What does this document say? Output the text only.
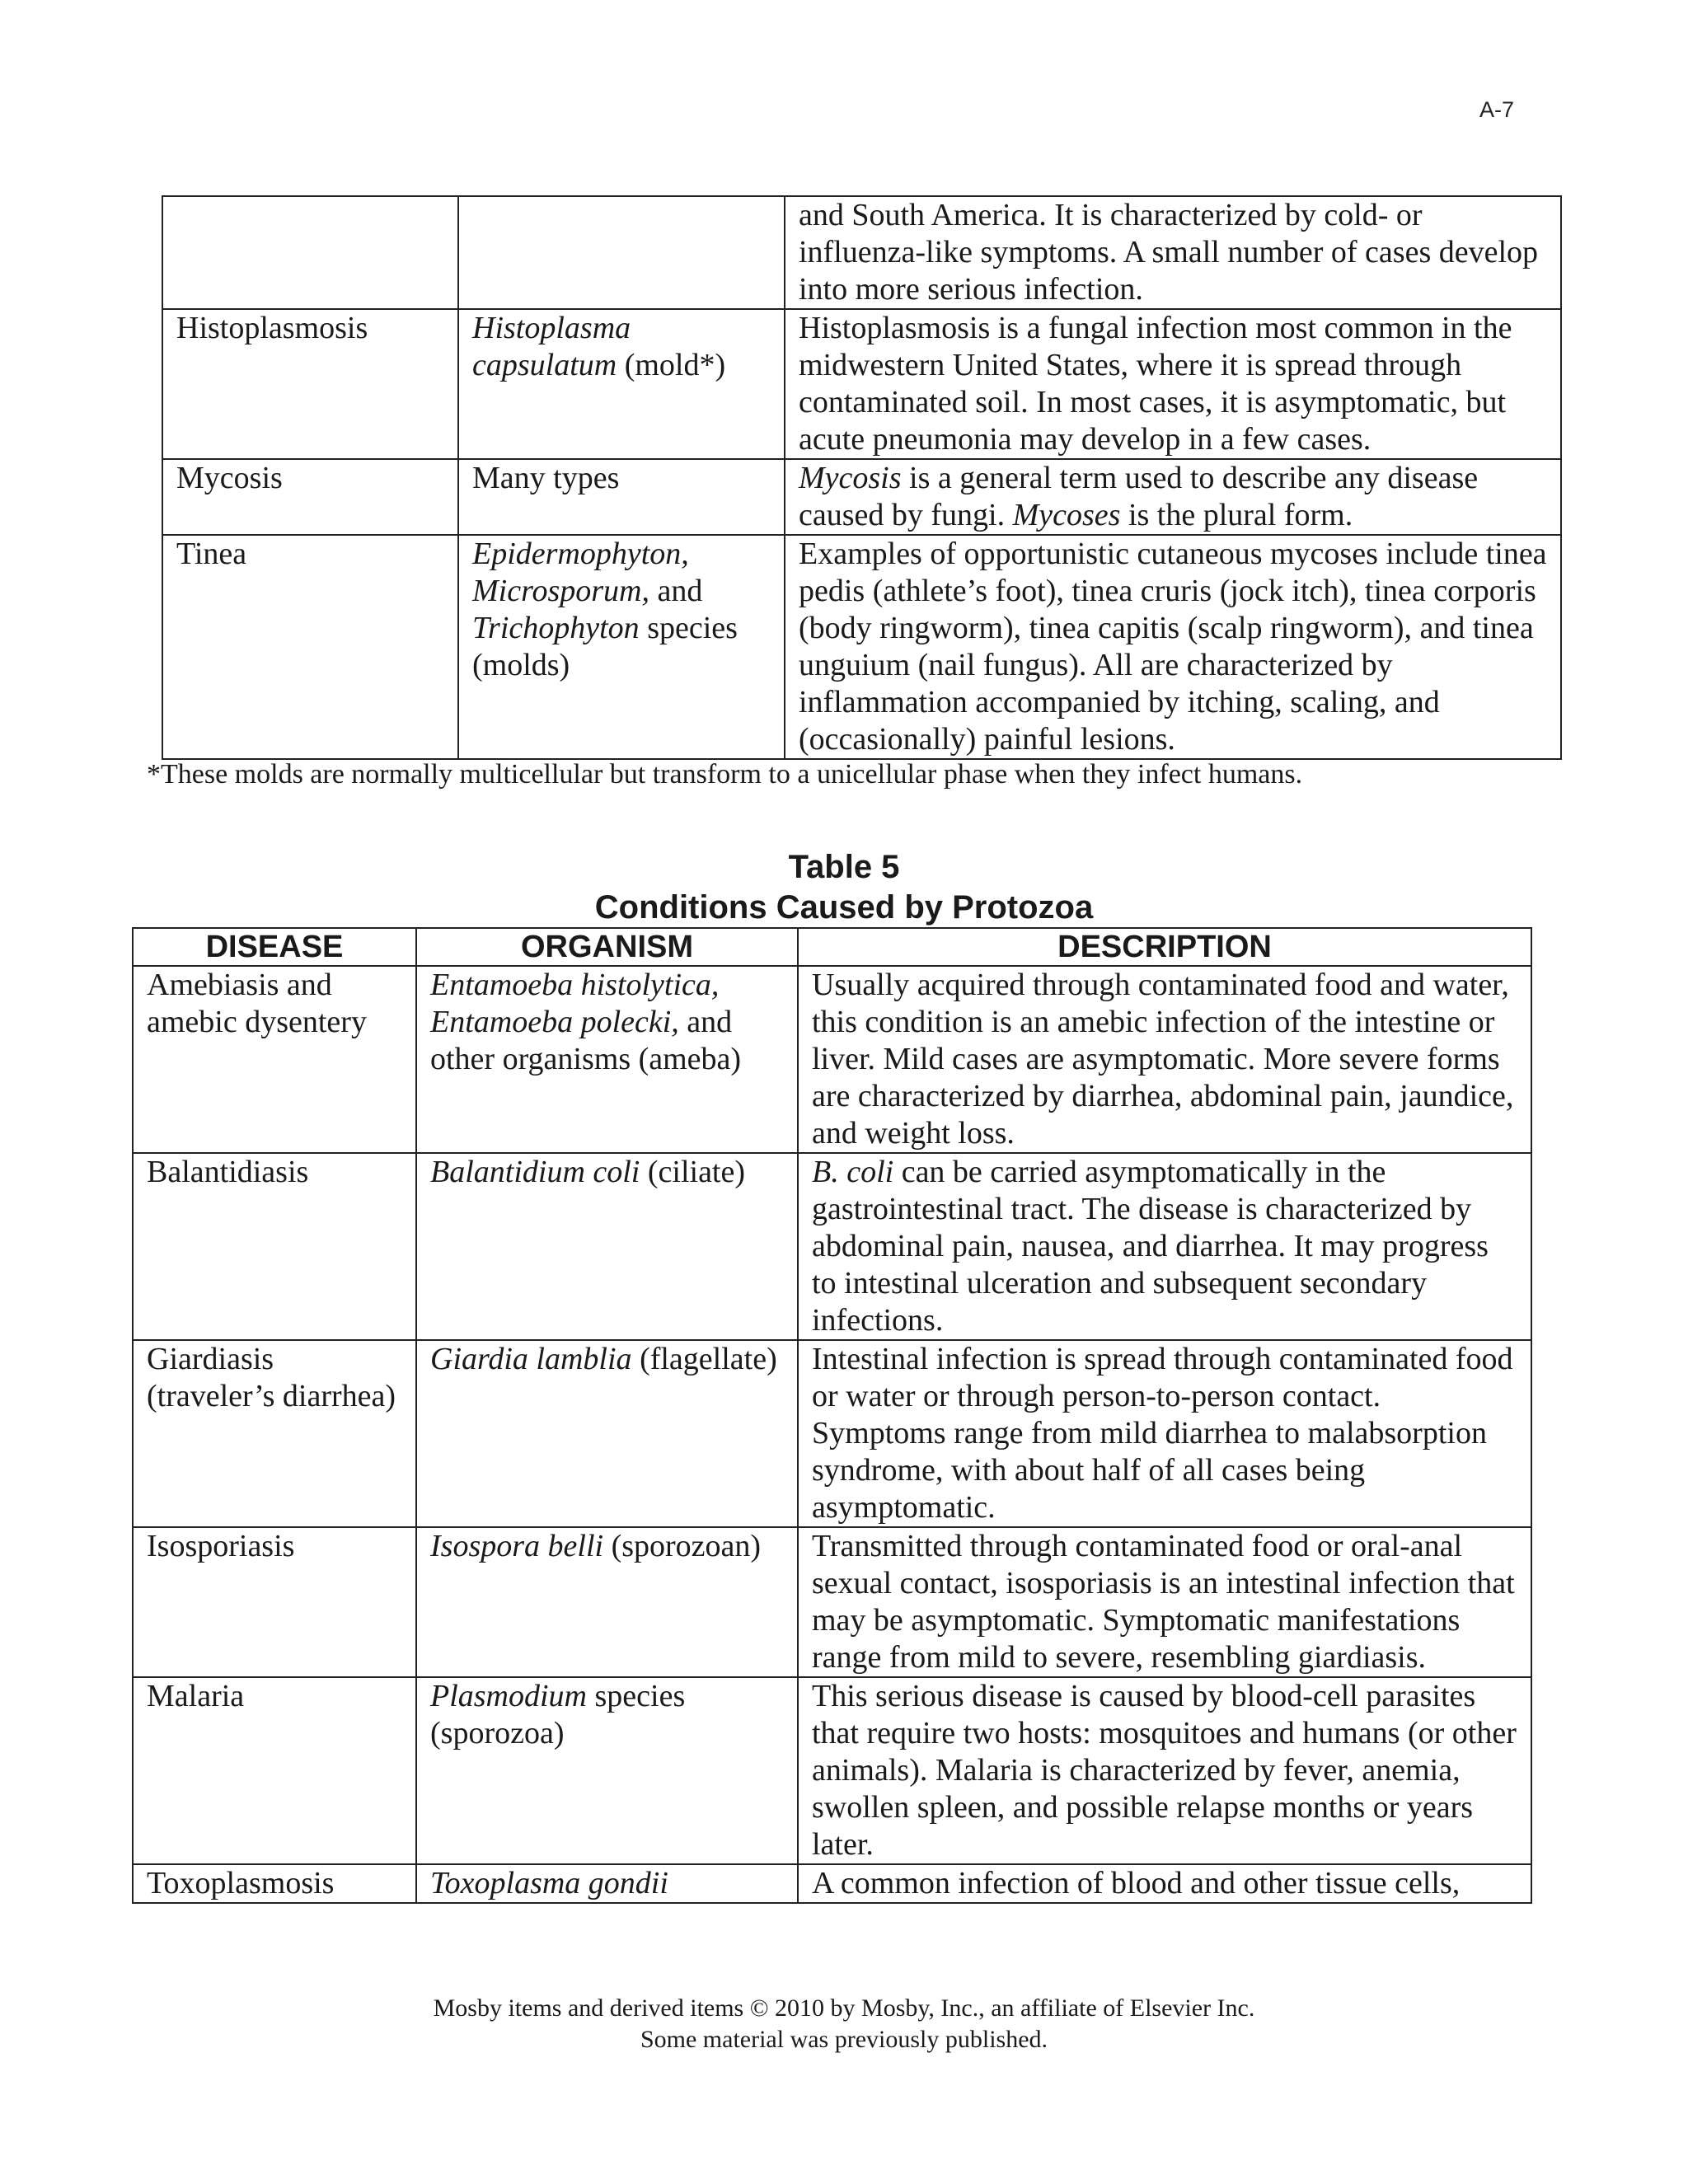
A-7
		and South America. It is characterized by cold- or influenza-like symptoms. A small number of cases develop into more serious infection.
Histoplasmosis	Histoplasma capsulatum (mold*)	Histoplasmosis is a fungal infection most common in the midwestern United States, where it is spread through contaminated soil. In most cases, it is asymptomatic, but acute pneumonia may develop in a few cases.
Mycosis	Many types	Mycosis is a general term used to describe any disease caused by fungi. Mycoses is the plural form.
Tinea	Epidermophyton, Microsporum, and Trichophyton species (molds)	Examples of opportunistic cutaneous mycoses include tinea pedis (athlete’s foot), tinea cruris (jock itch), tinea corporis (body ringworm), tinea capitis (scalp ringworm), and tinea unguium (nail fungus). All are characterized by inflammation accompanied by itching, scaling, and (occasionally) painful lesions.
*These molds are normally multicellular but transform to a unicellular phase when they infect humans.
Table 5
Conditions Caused by Protozoa
DISEASE	ORGANISM	DESCRIPTION
Amebiasis and amebic dysentery	Entamoeba histolytica, Entamoeba polecki, and other organisms (ameba)	Usually acquired through contaminated food and water, this condition is an amebic infection of the intestine or liver. Mild cases are asymptomatic. More severe forms are characterized by diarrhea, abdominal pain, jaundice, and weight loss.
Balantidiasis	Balantidium coli (ciliate)	B. coli can be carried asymptomatically in the gastrointestinal tract. The disease is characterized by abdominal pain, nausea, and diarrhea. It may progress to intestinal ulceration and subsequent secondary infections.
Giardiasis (traveler’s diarrhea)	Giardia lamblia (flagellate)	Intestinal infection is spread through contaminated food or water or through person-to-person contact. Symptoms range from mild diarrhea to malabsorption syndrome, with about half of all cases being asymptomatic.
Isosporiasis	Isospora belli (sporozoan)	Transmitted through contaminated food or oral-anal sexual contact, isosporiasis is an intestinal infection that may be asymptomatic. Symptomatic manifestations range from mild to severe, resembling giardiasis.
Malaria	Plasmodium species (sporozoa)	This serious disease is caused by blood-cell parasites that require two hosts: mosquitoes and humans (or other animals). Malaria is characterized by fever, anemia, swollen spleen, and possible relapse months or years later.
Toxoplasmosis	Toxoplasma gondii	A common infection of blood and other tissue cells,
Mosby items and derived items © 2010 by Mosby, Inc., an affiliate of Elsevier Inc.
Some material was previously published.
